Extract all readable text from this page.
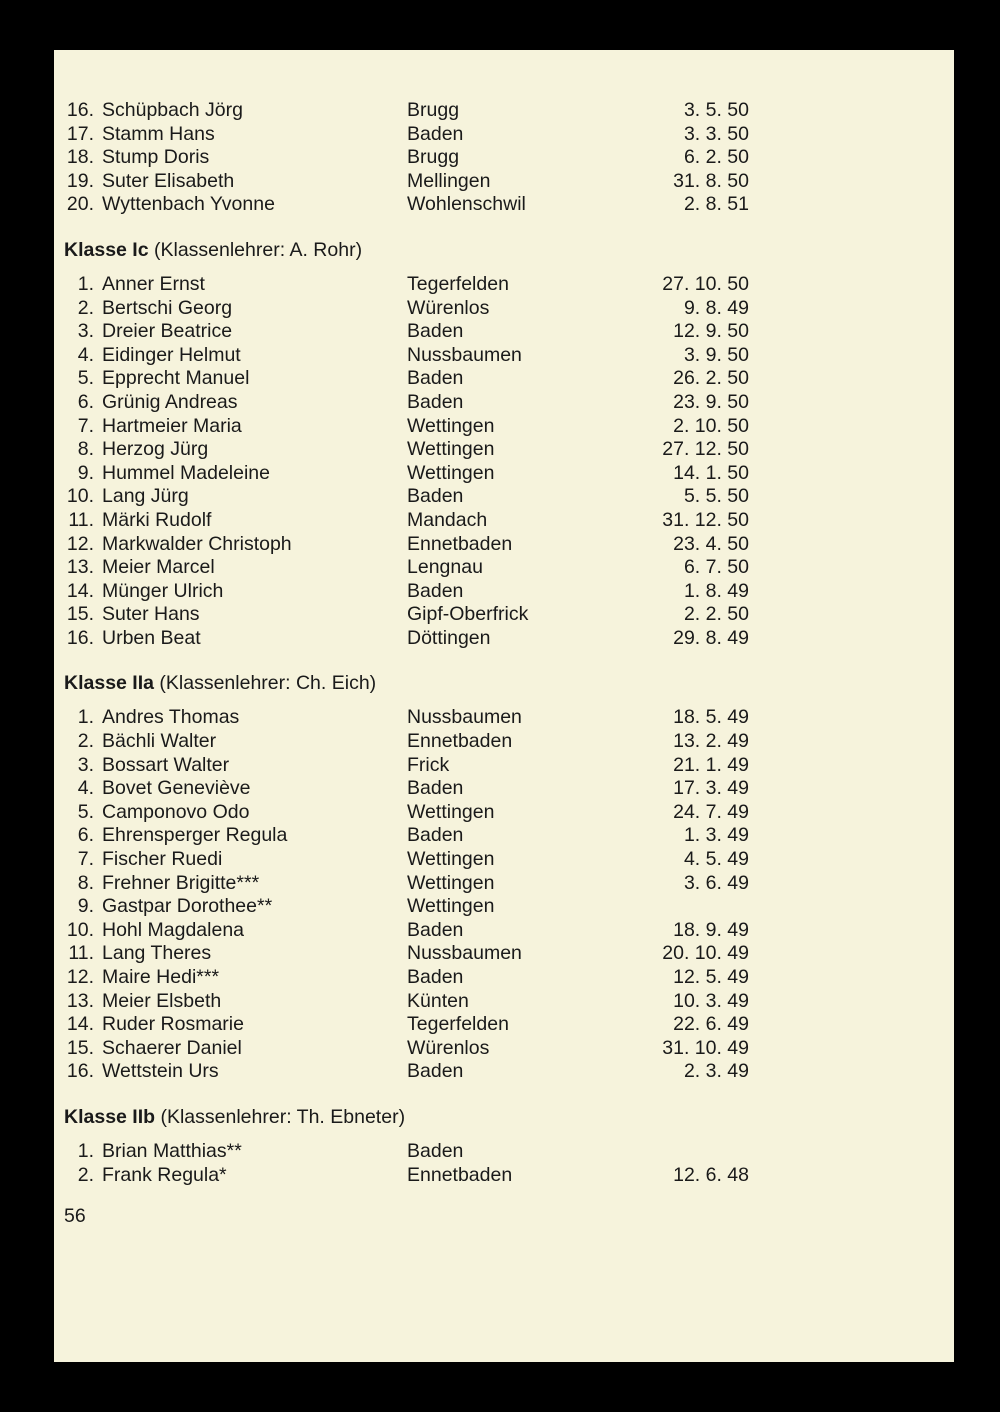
16. Schüpbach Jörg	Brugg	3. 5. 50
17. Stamm Hans	Baden	3. 3. 50
18. Stump Doris	Brugg	6. 2. 50
19. Suter Elisabeth	Mellingen	31. 8. 50
20. Wyttenbach Yvonne	Wohlenschwil	2. 8. 51
Klasse Ic (Klassenlehrer: A. Rohr)
1. Anner Ernst	Tegerfelden	27. 10. 50
2. Bertschi Georg	Würenlos	9. 8. 49
3. Dreier Beatrice	Baden	12. 9. 50
4. Eidinger Helmut	Nussbaumen	3. 9. 50
5. Epprecht Manuel	Baden	26. 2. 50
6. Grünig Andreas	Baden	23. 9. 50
7. Hartmeier Maria	Wettingen	2. 10. 50
8. Herzog Jürg	Wettingen	27. 12. 50
9. Hummel Madeleine	Wettingen	14. 1. 50
10. Lang Jürg	Baden	5. 5. 50
11. Märki Rudolf	Mandach	31. 12. 50
12. Markwalder Christoph	Ennetbaden	23. 4. 50
13. Meier Marcel	Lengnau	6. 7. 50
14. Münger Ulrich	Baden	1. 8. 49
15. Suter Hans	Gipf-Oberfrick	2. 2. 50
16. Urben Beat	Döttingen	29. 8. 49
Klasse IIa (Klassenlehrer: Ch. Eich)
1. Andres Thomas	Nussbaumen	18. 5. 49
2. Bächli Walter	Ennetbaden	13. 2. 49
3. Bossart Walter	Frick	21. 1. 49
4. Bovet Geneviève	Baden	17. 3. 49
5. Camponovo Odo	Wettingen	24. 7. 49
6. Ehrensperger Regula	Baden	1. 3. 49
7. Fischer Ruedi	Wettingen	4. 5. 49
8. Frehner Brigitte***	Wettingen	3. 6. 49
9. Gastpar Dorothee**	Wettingen
10. Hohl Magdalena	Baden	18. 9. 49
11. Lang Theres	Nussbaumen	20. 10. 49
12. Maire Hedi***	Baden	12. 5. 49
13. Meier Elsbeth	Künten	10. 3. 49
14. Ruder Rosmarie	Tegerfelden	22. 6. 49
15. Schaerer Daniel	Würenlos	31. 10. 49
16. Wettstein Urs	Baden	2. 3. 49
Klasse IIb (Klassenlehrer: Th. Ebneter)
1. Brian Matthias**	Baden
2. Frank Regula*	Ennetbaden	12. 6. 48
56
